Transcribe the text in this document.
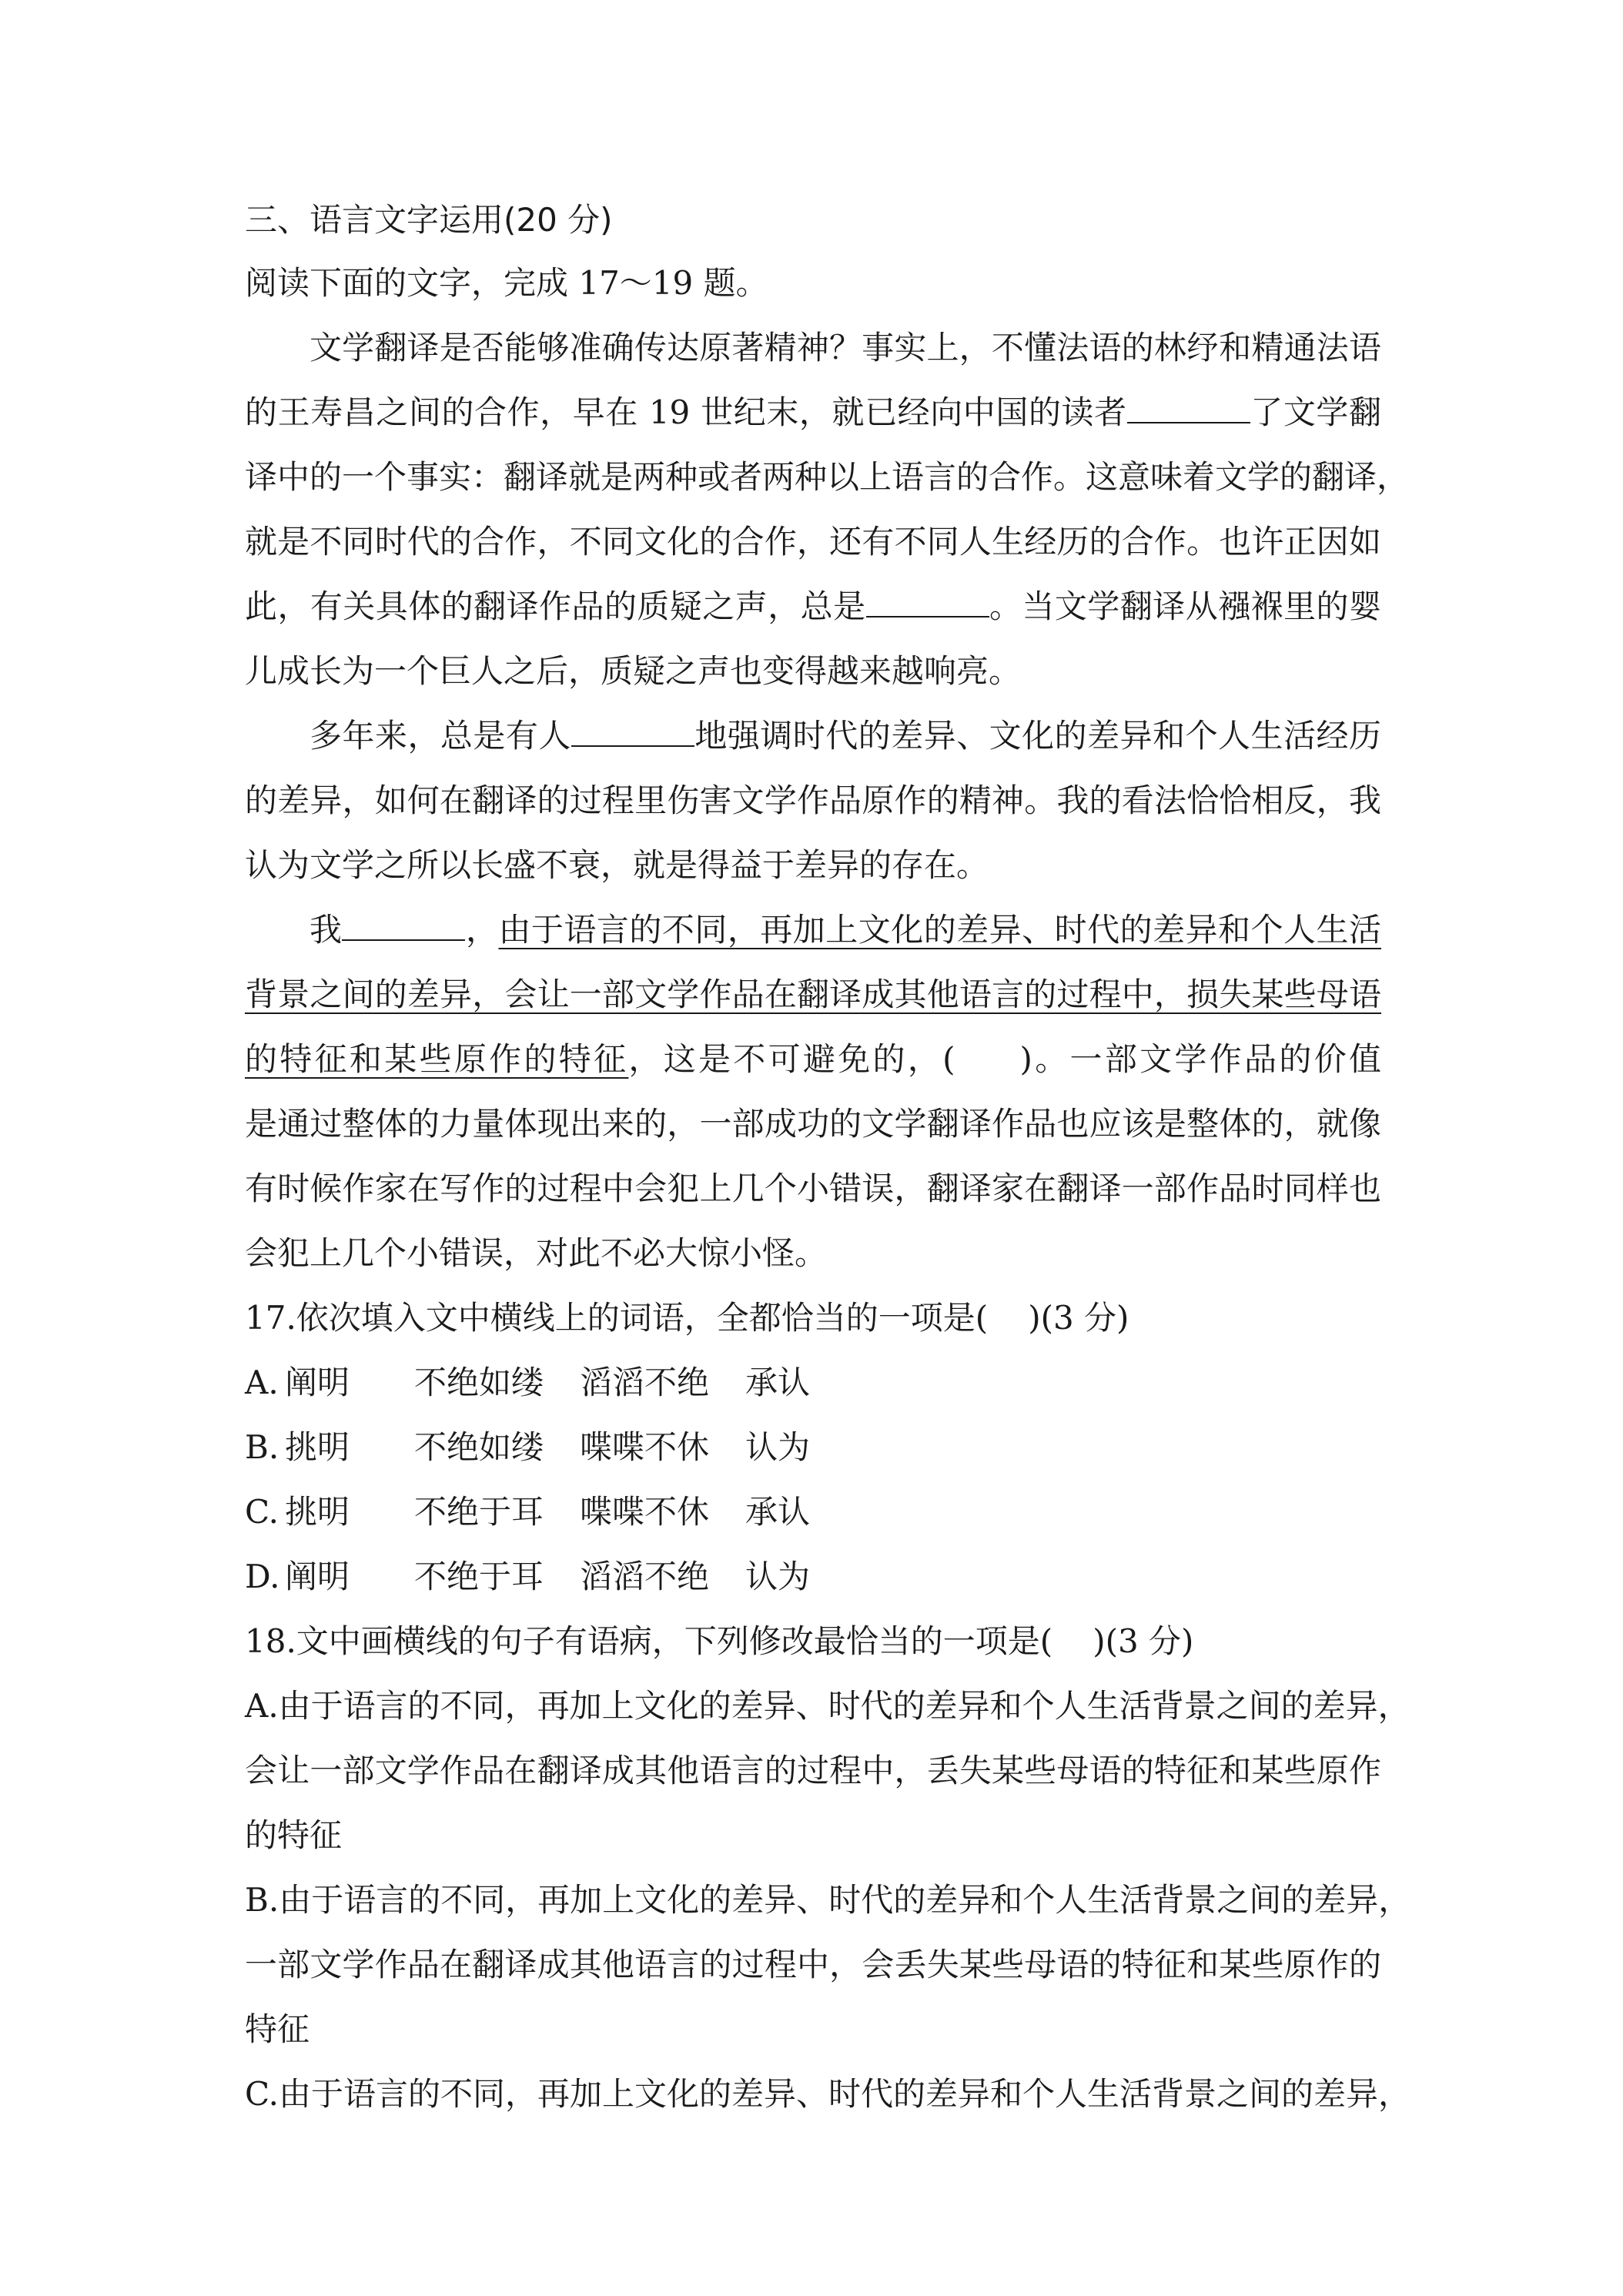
三、语言文字运用(20 分)
阅读下面的文字，完成 17～19 题。
文学翻译是否能够准确传达原著精神？事实上，不懂法语的林纾和精通法语
的王寿昌之间的合作，早在 19 世纪末，就已经向中国的读者	了文学翻
译中的一个事实：翻译就是两种或者两种以上语言的合作。这意味着文学的翻译，
就是不同时代的合作，不同文化的合作，还有不同人生经历的合作。也许正因如
此，有关具体的翻译作品的质疑之声，总是	。当文学翻译从襁褓里的婴
儿成长为一个巨人之后，质疑之声也变得越来越响亮。
多年来，总是有人	地强调时代的差异、文化的差异和个人生活经历
的差异，如何在翻译的过程里伤害文学作品原作的精神。我的看法恰恰相反，我
认为文学之所以长盛不衰，就是得益于差异的存在。
我	，由于语言的不同，再加上文化的差异、时代的差异和个人生活
背景之间的差异，会让一部文学作品在翻译成其他语言的过程中，损失某些母语
的特征和某些原作的特征，这是不可避免的，( )。一部文学作品的价值
是通过整体的力量体现出来的，一部成功的文学翻译作品也应该是整体的，就像
有时候作家在写作的过程中会犯上几个小错误，翻译家在翻译一部作品时同样也
会犯上几个小错误，对此不必大惊小怪。
17.依次填入文中横线上的词语，全都恰当的一项是( )(3 分)
A. 阐明 不绝如缕 滔滔不绝 承认
B. 挑明 不绝如缕 喋喋不休 认为
C. 挑明 不绝于耳 喋喋不休 承认
D. 阐明 不绝于耳 滔滔不绝 认为
18.文中画横线的句子有语病，下列修改最恰当的一项是( )(3 分)
A.由于语言的不同，再加上文化的差异、时代的差异和个人生活背景之间的差异，
会让一部文学作品在翻译成其他语言的过程中，丢失某些母语的特征和某些原作
的特征
B.由于语言的不同，再加上文化的差异、时代的差异和个人生活背景之间的差异，
一部文学作品在翻译成其他语言的过程中，会丢失某些母语的特征和某些原作的
特征
C.由于语言的不同，再加上文化的差异、时代的差异和个人生活背景之间的差异，
